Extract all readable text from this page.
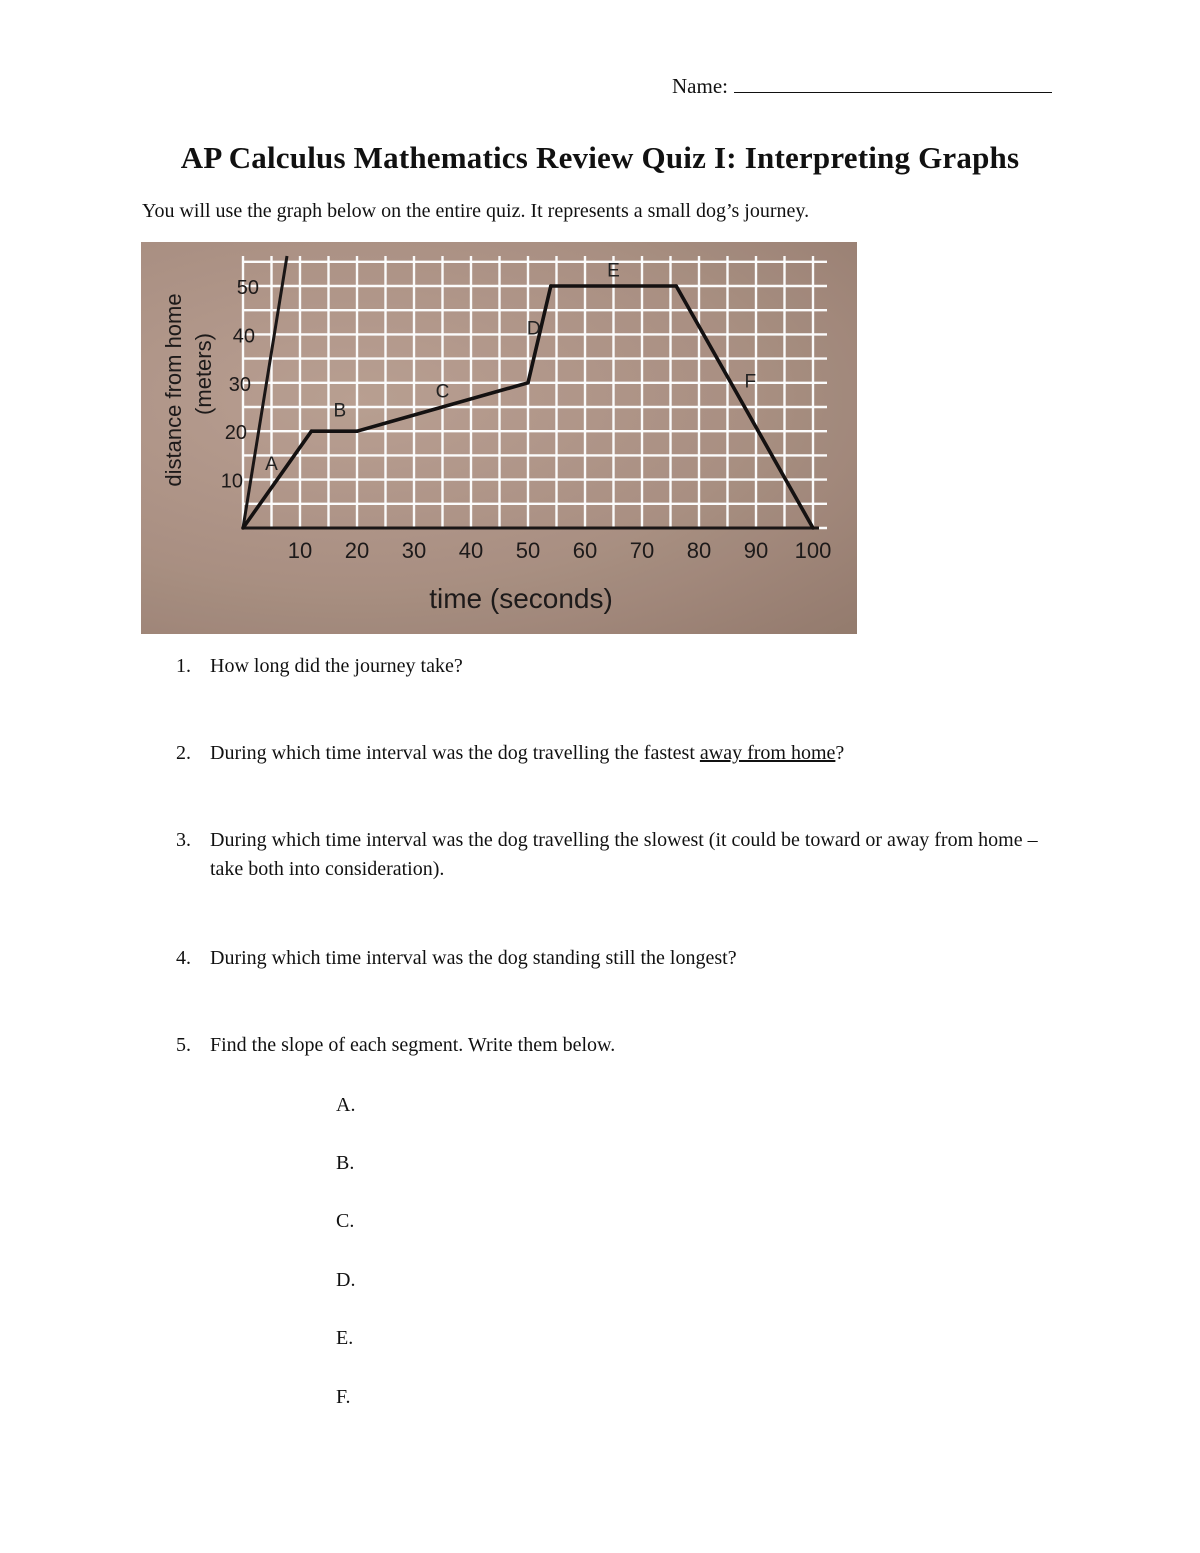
Name:
AP Calculus Mathematics Review Quiz I: Interpreting Graphs

You will use the graph below on the entire quiz. It represents a small dog’s journey.

10 20 30 40 50 60 70 80 90 100
10
20
30
40
50
time (seconds)
distance from home (meters)
A
B
C
D
E
F
1. How long did the journey take?
2. During which time interval was the dog travelling the fastest away from home?
3. During which time interval was the dog travelling the slowest (it could be toward or away from home – take both into consideration).
4. During which time interval was the dog standing still the longest?
5. Find the slope of each segment. Write them below.
A.
B.
C.
D.
E.
F.
